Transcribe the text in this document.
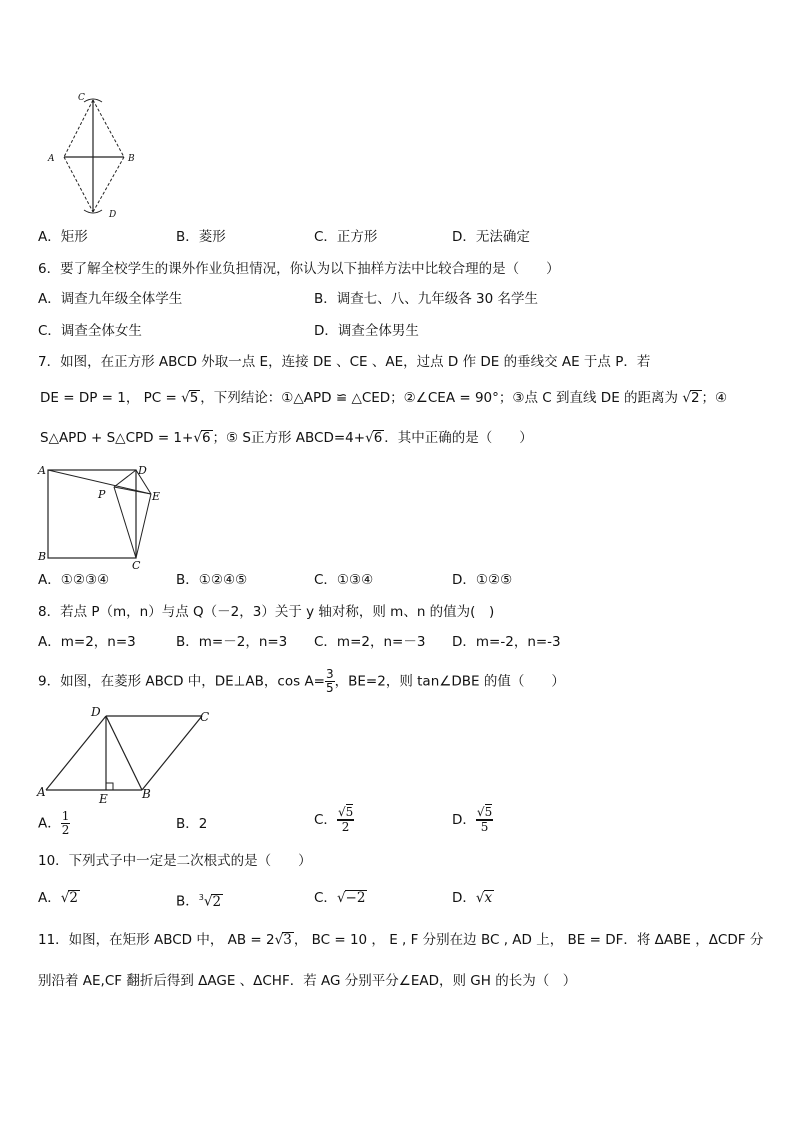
C
A	B
D
A．矩形	B．菱形	C．正方形	D．无法确定
6．要了解全校学生的课外作业负担情况，你认为以下抽样方法中比较合理的是（　　）
A．调查九年级全体学生	B．调查七、八、九年级各 30 名学生
C．调查全体女生	D．调查全体男生
7．如图，在正方形 ABCD 外取一点 E，连接 DE 、CE 、AE，过点 D 作 DE 的垂线交 AE 于点 P．若
DE = DP = 1， PC = √5 ，下列结论：①△APD ≌ △CED；②∠CEA = 90°；③点 C 到直线 DE 的距离为 √2 ；④
S△APD + S△CPD = 1+√6 ；⑤ S正方形 ABCD=4+√6 ．其中正确的是（　　）
A	D
P	E
B
C
A．①②③④	B．①②④⑤	C．①③④	D．①②⑤
8．若点 P（m，n）与点 Q（－2，3）关于 y 轴对称，则 m、n 的值为(　)
A．m=2，n=3	B．m=－2，n=3 C．m=2，n=－3 D．m=-2，n=-3
9．如图，在菱形 ABCD 中，DE⊥AB，$\cos A= \frac{3}{5}$ ，BE=2，则 tan∠DBE 的值（　　）
D	C
A	E	B
A． $\frac{1}{2}$	B．2	C． $\frac{√5}{2}$	D． $\frac{√5}{5}$
10．下列式子中一定是二次根式的是（　　）
A．√2	B．$^3$√2	C．√−2	D．√x
11．如图，在矩形 ABCD 中， AB = 2√3 ， BC = 10 ， E , F 分别在边 BC , AD 上， BE = DF．将 ΔABE ，ΔCDF 分
别沿着 AE,CF 翻折后得到 ΔAGE 、ΔCHF．若 AG 分别平分∠EAD，则 GH 的长为（　）
